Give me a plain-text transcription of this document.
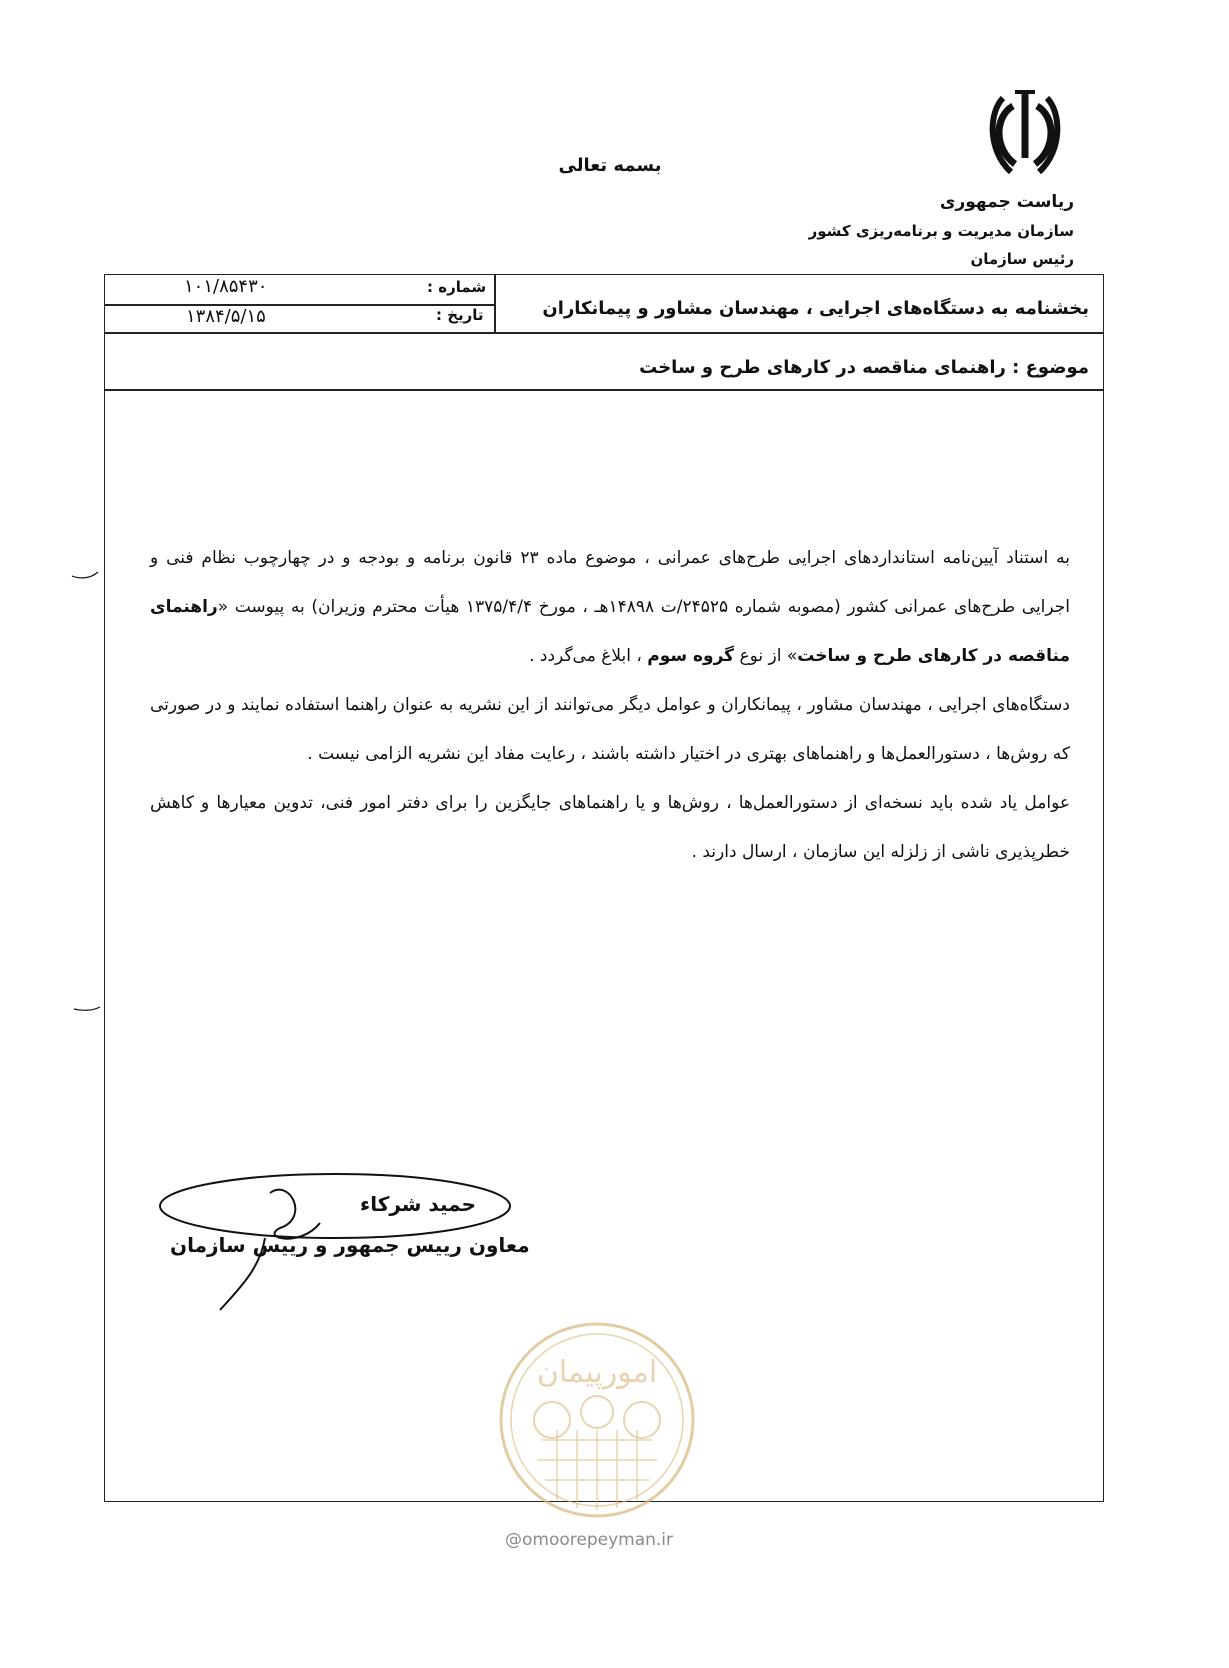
ریاست جمهوری
سازمان مدیریت و برنامه‌ریزی کشور
رئیس سازمان
بسمه تعالی
شماره :
۱۰۱/۸۵۴۳۰
تاریخ :
۱۳۸۴/۵/۱۵	بخشنامه به دستگاه‌های اجرایی ، مهندسان مشاور و پیمانکاران
موضوع : راهنمای مناقصه در کارهای طرح و ساخت

به استناد آیین‌نامه استانداردهای اجرایی طرح‌های عمرانی ، موضوع ماده ۲۳ قانون برنامه و بودجه و در چهارچوب نظام فنی و اجرایی طرح‌های عمرانی کشور (مصوبه شماره ۲۴۵۲۵/ت ۱۴۸۹۸هـ ، مورخ ۱۳۷۵/۴/۴ هیأت محترم وزیران) به پیوست «راهنمای مناقصه در کارهای طرح و ساخت» از نوع گروه سوم ، ابلاغ می‌گردد .

دستگاه‌های اجرایی ، مهندسان مشاور ، پیمانکاران و عوامل دیگر می‌توانند از این نشریه به عنوان راهنما استفاده نمایند و در صورتی که روش‌ها ، دستورالعمل‌ها و راهنماهای بهتری در اختیار داشته باشند ، رعایت مفاد این نشریه الزامی نیست .

عوامل یاد شده باید نسخه‌ای از دستورالعمل‌ها ، روش‌ها و یا راهنماهای جایگزین را برای دفتر امور فنی، تدوین معیارها و کاهش خطرپذیری ناشی از زلزله این سازمان ، ارسال دارند .

حمید شرکاء
معاون رییس جمهور و رییس سازمان
امورپیمان
@omoorepeyman.ir
